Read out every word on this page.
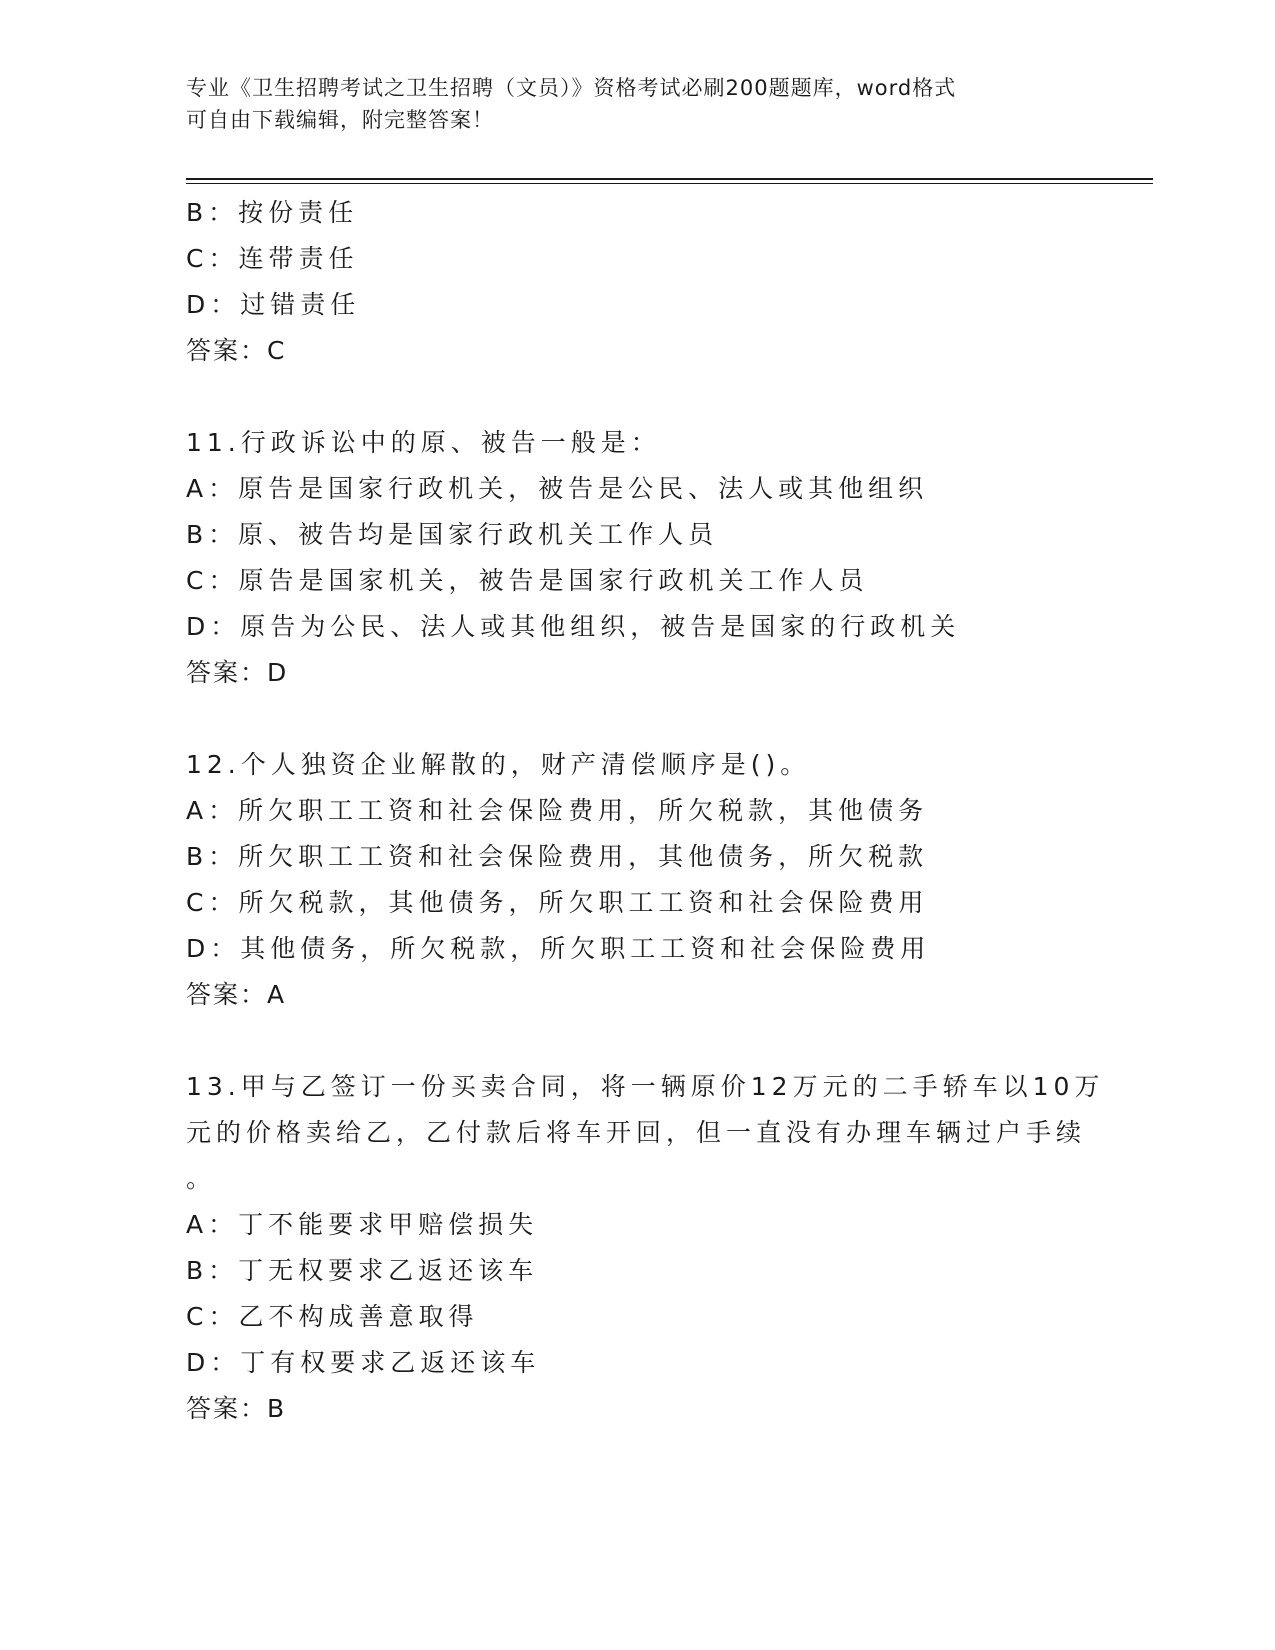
专业《卫生招聘考试之卫生招聘（文员）》资格考试必刷200题题库，word格式
可自由下载编辑，附完整答案！
B：按份责任
C：连带责任
D：过错责任
答案：C
11.行政诉讼中的原、被告一般是：
A：原告是国家行政机关，被告是公民、法人或其他组织
B：原、被告均是国家行政机关工作人员
C：原告是国家机关，被告是国家行政机关工作人员
D：原告为公民、法人或其他组织，被告是国家的行政机关
答案：D
12.个人独资企业解散的，财产清偿顺序是()。
A：所欠职工工资和社会保险费用，所欠税款，其他债务
B：所欠职工工资和社会保险费用，其他债务，所欠税款
C：所欠税款，其他债务，所欠职工工资和社会保险费用
D：其他债务，所欠税款，所欠职工工资和社会保险费用
答案：A
13.甲与乙签订一份买卖合同，将一辆原价12万元的二手轿车以10万
元的价格卖给乙，乙付款后将车开回，但一直没有办理车辆过户手续
。
A：丁不能要求甲赔偿损失
B：丁无权要求乙返还该车
C：乙不构成善意取得
D：丁有权要求乙返还该车
答案：B
